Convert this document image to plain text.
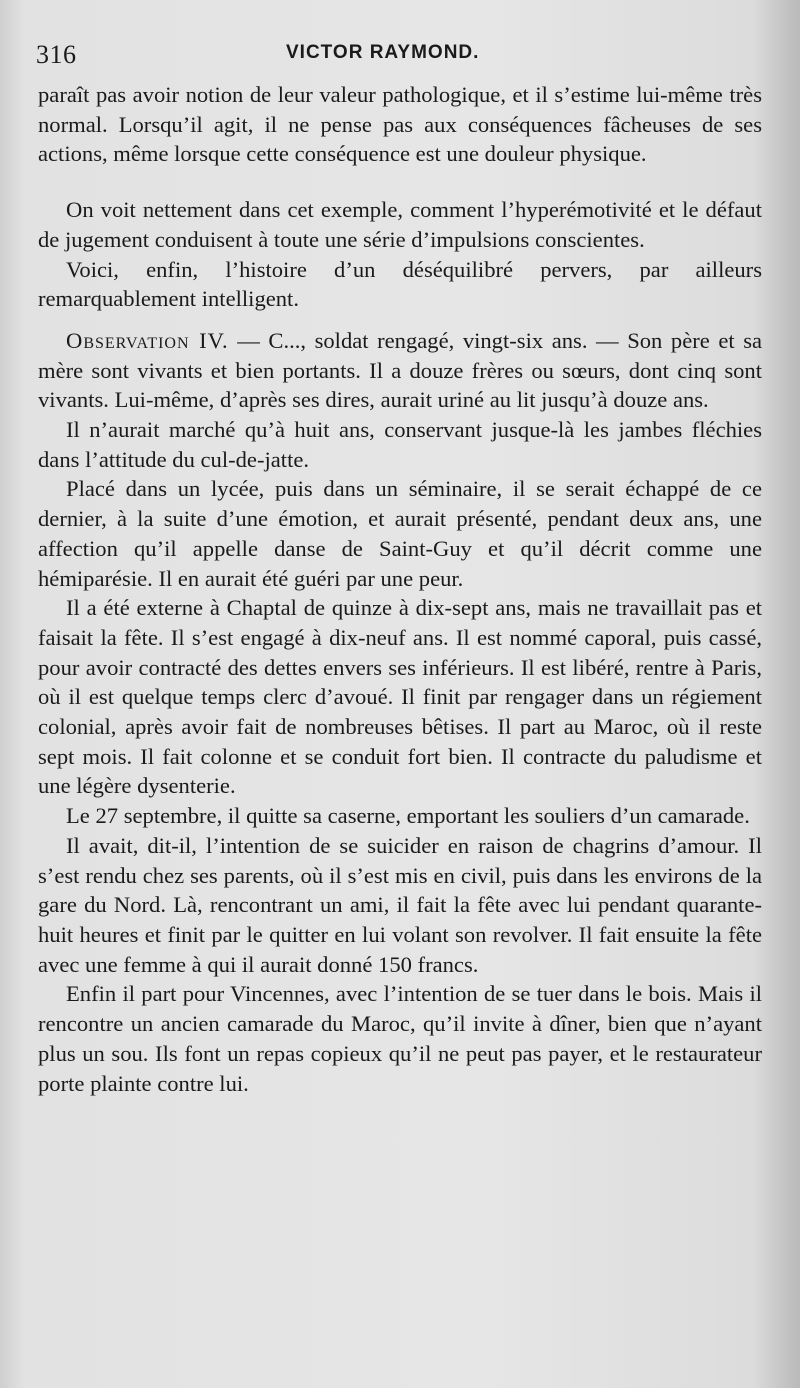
316	VICTOR RAYMOND.

paraît pas avoir notion de leur valeur pathologique, et il s’estime lui-même très normal. Lorsqu’il agit, il ne pense pas aux conséquences fâcheuses de ses actions, même lorsque cette conséquence est une douleur physique.

On voit nettement dans cet exemple, comment l’hyperémotivité et le défaut de jugement conduisent à toute une série d’impulsions conscientes.

Voici, enfin, l’histoire d’un déséquilibré pervers, par ailleurs remarquablement intelligent.

Observation IV. — C..., soldat rengagé, vingt-six ans. — Son père et sa mère sont vivants et bien portants. Il a douze frères ou sœurs, dont cinq sont vivants. Lui-même, d’après ses dires, aurait uriné au lit jusqu’à douze ans.

Il n’aurait marché qu’à huit ans, conservant jusque-là les jambes fléchies dans l’attitude du cul-de-jatte.

Placé dans un lycée, puis dans un séminaire, il se serait échappé de ce dernier, à la suite d’une émotion, et aurait présenté, pendant deux ans, une affection qu’il appelle danse de Saint-Guy et qu’il décrit comme une hémiparésie. Il en aurait été guéri par une peur.

Il a été externe à Chaptal de quinze à dix-sept ans, mais ne travaillait pas et faisait la fête. Il s’est engagé à dix-neuf ans. Il est nommé caporal, puis cassé, pour avoir contracté des dettes envers ses inférieurs. Il est libéré, rentre à Paris, où il est quelque temps clerc d’avoué. Il finit par rengager dans un régiement colonial, après avoir fait de nombreuses bêtises. Il part au Maroc, où il reste sept mois. Il fait colonne et se conduit fort bien. Il contracte du paludisme et une légère dysenterie.

Le 27 septembre, il quitte sa caserne, emportant les souliers d’un camarade.

Il avait, dit-il, l’intention de se suicider en raison de chagrins d’amour. Il s’est rendu chez ses parents, où il s’est mis en civil, puis dans les environs de la gare du Nord. Là, rencontrant un ami, il fait la fête avec lui pendant quarante-huit heures et finit par le quitter en lui volant son revolver. Il fait ensuite la fête avec une femme à qui il aurait donné 150 francs.

Enfin il part pour Vincennes, avec l’intention de se tuer dans le bois. Mais il rencontre un ancien camarade du Maroc, qu’il invite à dîner, bien que n’ayant plus un sou. Ils font un repas copieux qu’il ne peut pas payer, et le restaurateur porte plainte contre lui.
